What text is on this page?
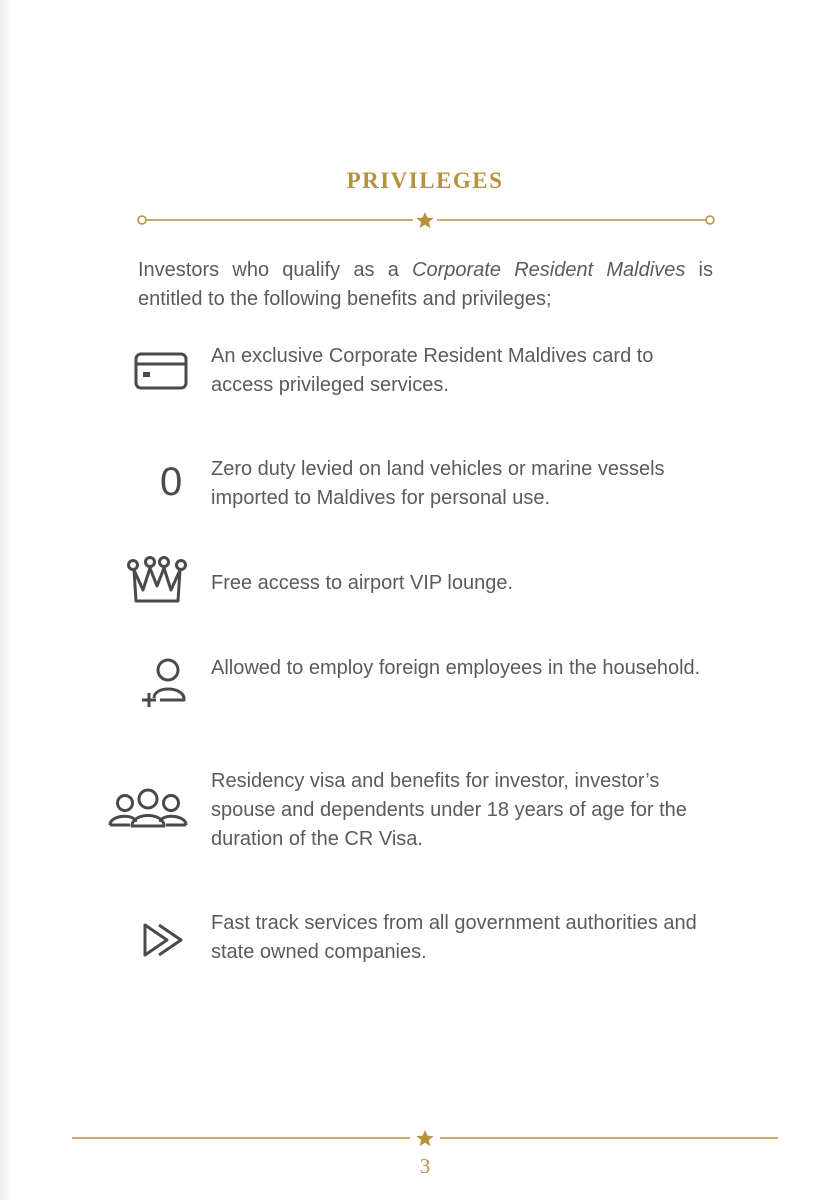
PRIVILEGES

Investors who qualify as a Corporate Resident Maldives is entitled to the following benefits and privileges;

An exclusive Corporate Resident Maldives card to access privileged services.
0 Zero duty levied on land vehicles or marine vessels imported to Maldives for personal use.
Free access to airport VIP lounge.
Allowed to employ foreign employees in the household.
Residency visa and benefits for investor, investor’s spouse and dependents under 18 years of age for the duration of the CR Visa.
Fast track services from all government authorities and state owned companies.
3
